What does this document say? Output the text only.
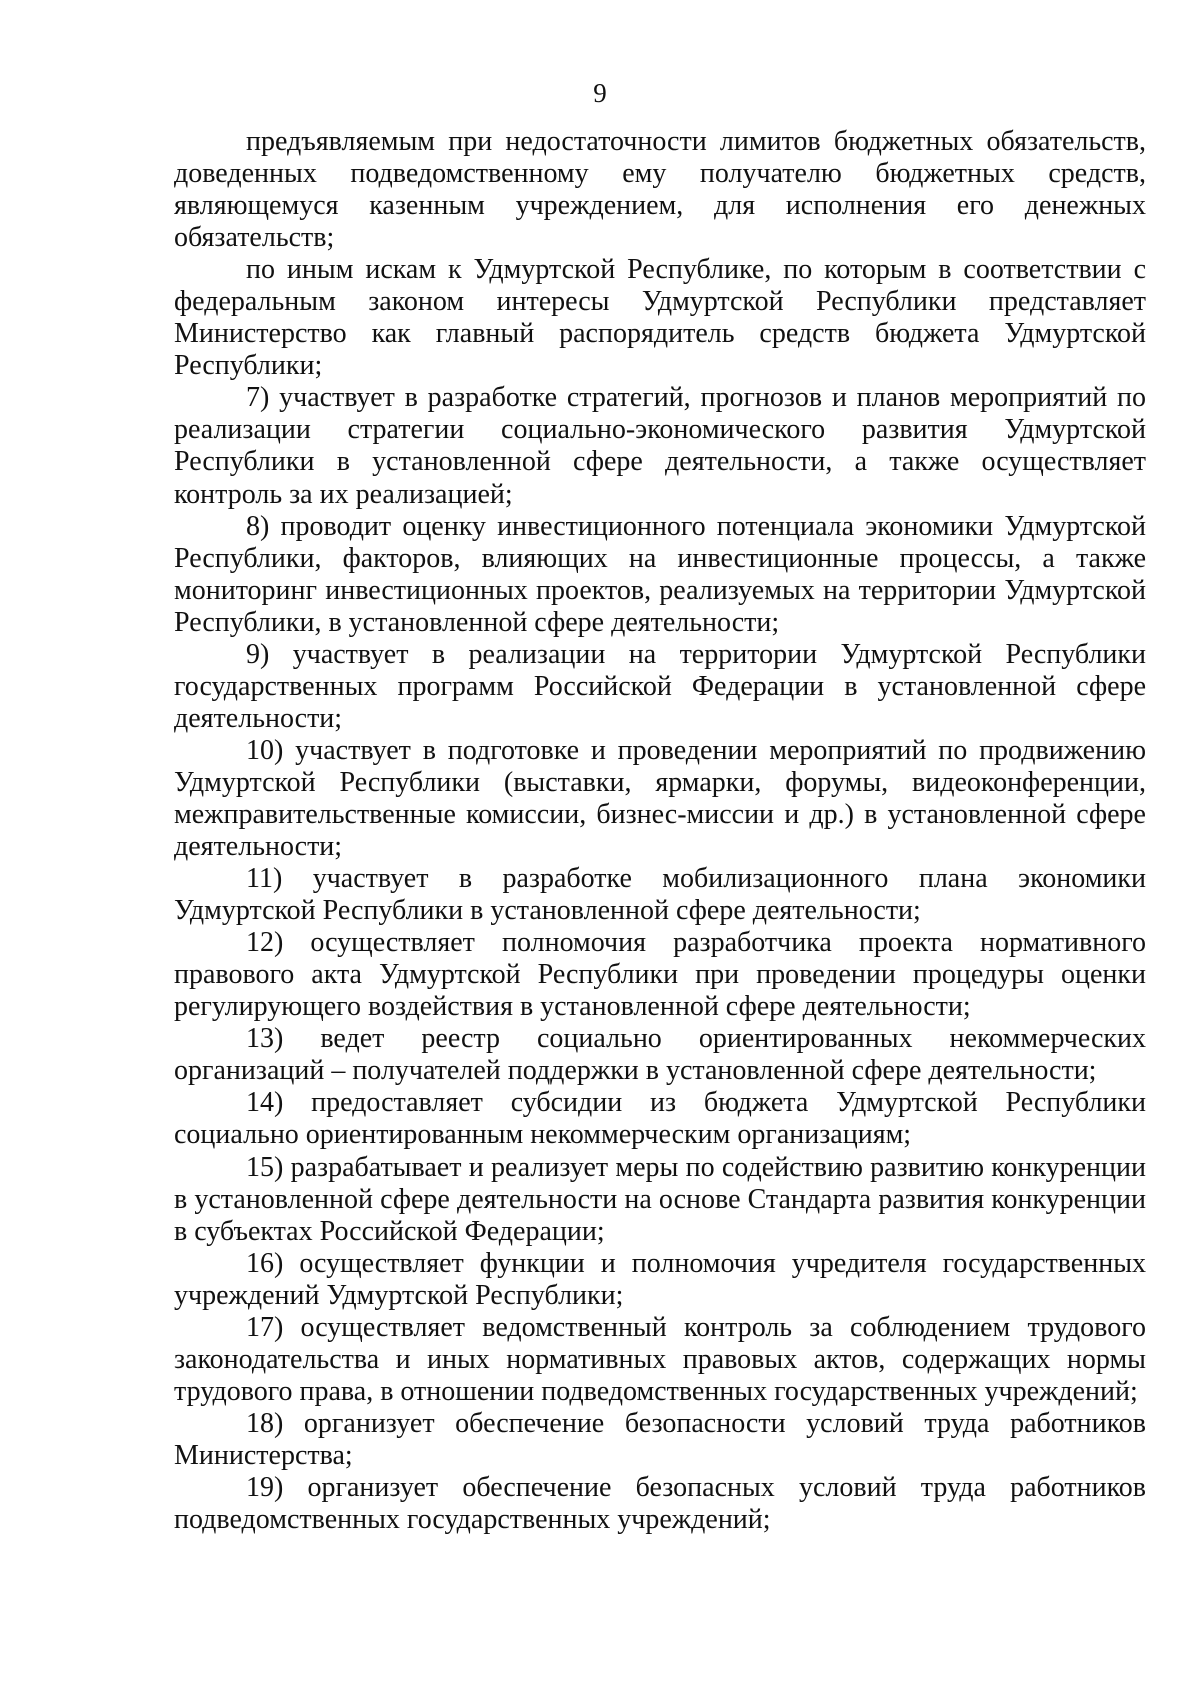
9

предъявляемым при недостаточности лимитов бюджетных обязательств, доведенных подведомственному ему получателю бюджетных средств, являющемуся казенным учреждением, для исполнения его денежных обязательств;

по иным искам к Удмуртской Республике, по которым в соответствии с федеральным законом интересы Удмуртской Республики представляет Министерство как главный распорядитель средств бюджета Удмуртской Республики;

7) участвует в разработке стратегий, прогнозов и планов мероприятий по реализации стратегии социально-экономического развития Удмуртской Республики в установленной сфере деятельности, а также осуществляет контроль за их реализацией;

8) проводит оценку инвестиционного потенциала экономики Удмуртской Республики, факторов, влияющих на инвестиционные процессы, а также мониторинг инвестиционных проектов, реализуемых на территории Удмуртской Республики, в установленной сфере деятельности;

9) участвует в реализации на территории Удмуртской Республики государственных программ Российской Федерации в установленной сфере деятельности;

10) участвует в подготовке и проведении мероприятий по продвижению Удмуртской Республики (выставки, ярмарки, форумы, видеоконференции, межправительственные комиссии, бизнес-миссии и др.) в установленной сфере деятельности;

11) участвует в разработке мобилизационного плана экономики Удмуртской Республики в установленной сфере деятельности;

12) осуществляет полномочия разработчика проекта нормативного правового акта Удмуртской Республики при проведении процедуры оценки регулирующего воздействия в установленной сфере деятельности;

13) ведет реестр социально ориентированных некоммерческих организаций – получателей поддержки в установленной сфере деятельности;

14) предоставляет субсидии из бюджета Удмуртской Республики социально ориентированным некоммерческим организациям;

15) разрабатывает и реализует меры по содействию развитию конкуренции в установленной сфере деятельности на основе Стандарта развития конкуренции в субъектах Российской Федерации;

16) осуществляет функции и полномочия учредителя государственных учреждений Удмуртской Республики;

17) осуществляет ведомственный контроль за соблюдением трудового законодательства и иных нормативных правовых актов, содержащих нормы трудового права, в отношении подведомственных государственных учреждений;

18) организует обеспечение безопасности условий труда работников Министерства;

19) организует обеспечение безопасных условий труда работников подведомственных государственных учреждений;
